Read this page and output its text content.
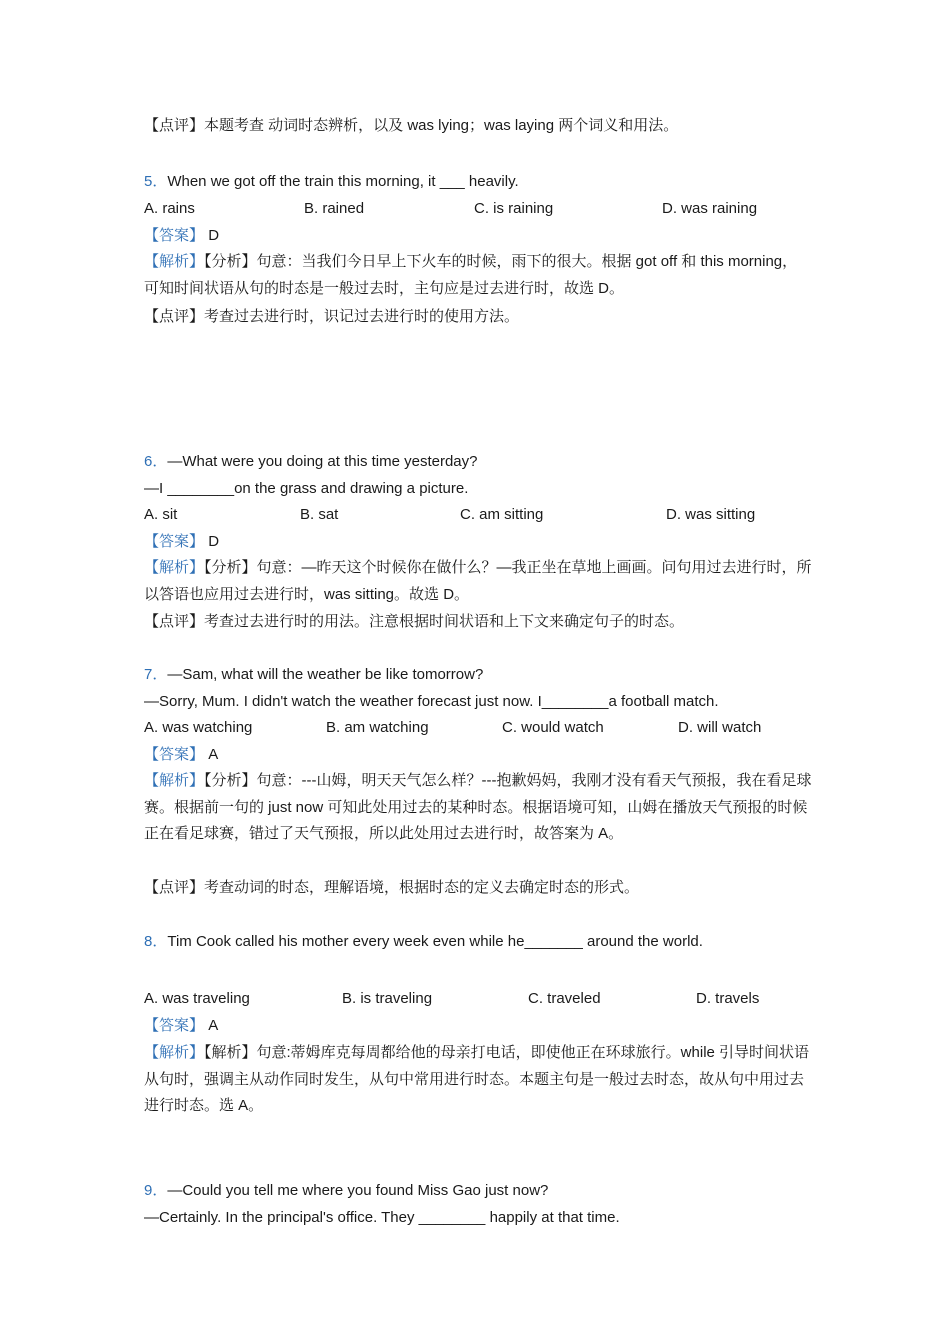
【点评】本题考查 动词时态辨析，以及 was lying；was laying 两个词义和用法。
5．When we got off the train this morning, it ___ heavily.
A. rains	B. rained	C. is raining	D. was raining
【答案】 D
【解析】【分析】句意：当我们今日早上下火车的时候，雨下的很大。根据 got off 和 this morning，可知时间状语从句的时态是一般过去时，主句应是过去进行时，故选 D。
【点评】考查过去进行时，识记过去进行时的使用方法。
6．—What were you doing at this time yesterday?
—I ________on the grass and drawing a picture.
A. sit	B. sat	C. am sitting	D. was sitting
【答案】 D
【解析】【分析】句意：—昨天这个时候你在做什么？—我正坐在草地上画画。问句用过去进行时，所以答语也应用过去进行时，was sitting。故选 D。
【点评】考查过去进行时的用法。注意根据时间状语和上下文来确定句子的时态。
7．—Sam, what will the weather be like tomorrow?
—Sorry, Mum. I didn't watch the weather forecast just now. I________a football match.
A. was watching	B. am watching	C. would watch	D. will watch
【答案】 A
【解析】【分析】句意：---山姆，明天天气怎么样？---抱歉妈妈，我刚才没有看天气预报，我在看足球赛。根据前一句的 just now 可知此处用过去的某种时态。根据语境可知，山姆在播放天气预报的时候正在看足球赛，错过了天气预报，所以此处用过去进行时，故答案为 A。
【点评】考查动词的时态，理解语境，根据时态的定义去确定时态的形式。
8．Tim Cook called his mother every week even while he_______ around the world.
A. was traveling	B. is traveling	C. traveled	D. travels
【答案】 A
【解析】【解析】句意:蒂姆库克每周都给他的母亲打电话，即使他正在环球旅行。while 引导时间状语从句时，强调主从动作同时发生，从句中常用进行时态。本题主句是一般过去时态，故从句中用过去进行时态。选 A。
9．—Could you tell me where you found Miss Gao just now?
—Certainly. In the principal's office. They ________ happily at that time.
